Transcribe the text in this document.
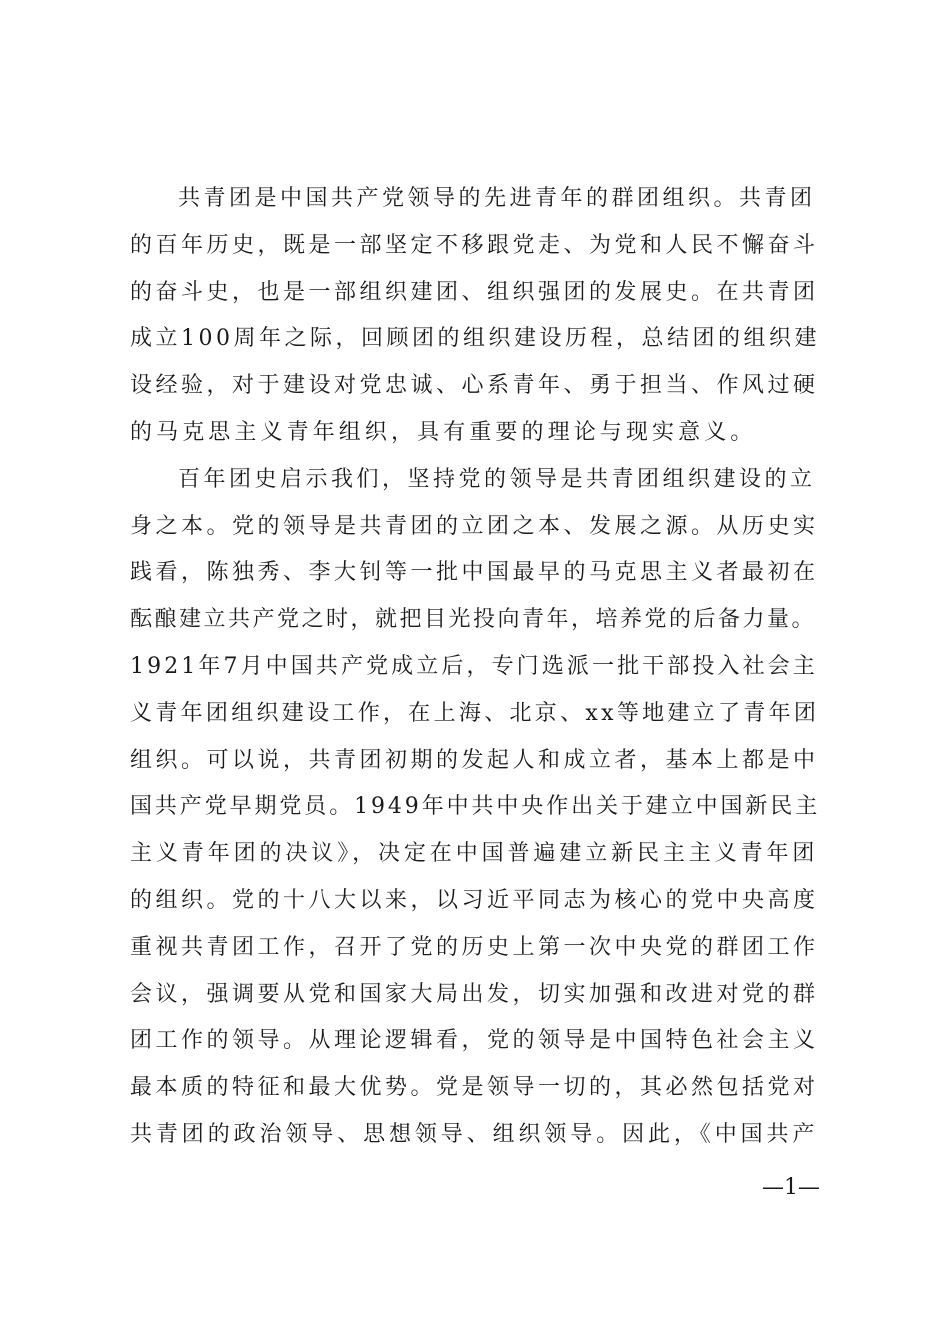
共青团是中国共产党领导的先进青年的群团组织。共青团
的百年历史，既是一部坚定不移跟党走、为党和人民不懈奋斗
的奋斗史，也是一部组织建团、组织强团的发展史。在共青团
成立100周年之际，回顾团的组织建设历程，总结团的组织建
设经验，对于建设对党忠诚、心系青年、勇于担当、作风过硬
的马克思主义青年组织，具有重要的理论与现实意义。
百年团史启示我们，坚持党的领导是共青团组织建设的立
身之本。党的领导是共青团的立团之本、发展之源。从历史实
践看，陈独秀、李大钊等一批中国最早的马克思主义者最初在
酝酿建立共产党之时，就把目光投向青年，培养党的后备力量。
1921年7月中国共产党成立后，专门选派一批干部投入社会主
义青年团组织建设工作，在上海、北京、xx等地建立了青年团
组织。可以说，共青团初期的发起人和成立者，基本上都是中
国共产党早期党员。1949年中共中央作出关于建立中国新民主
主义青年团的决议》，决定在中国普遍建立新民主主义青年团
的组织。党的十八大以来，以习近平同志为核心的党中央高度
重视共青团工作，召开了党的历史上第一次中央党的群团工作
会议，强调要从党和国家大局出发，切实加强和改进对党的群
团工作的领导。从理论逻辑看，党的领导是中国特色社会主义
最本质的特征和最大优势。党是领导一切的，其必然包括党对
共青团的政治领导、思想领导、组织领导。因此，《中国共产
—1—
